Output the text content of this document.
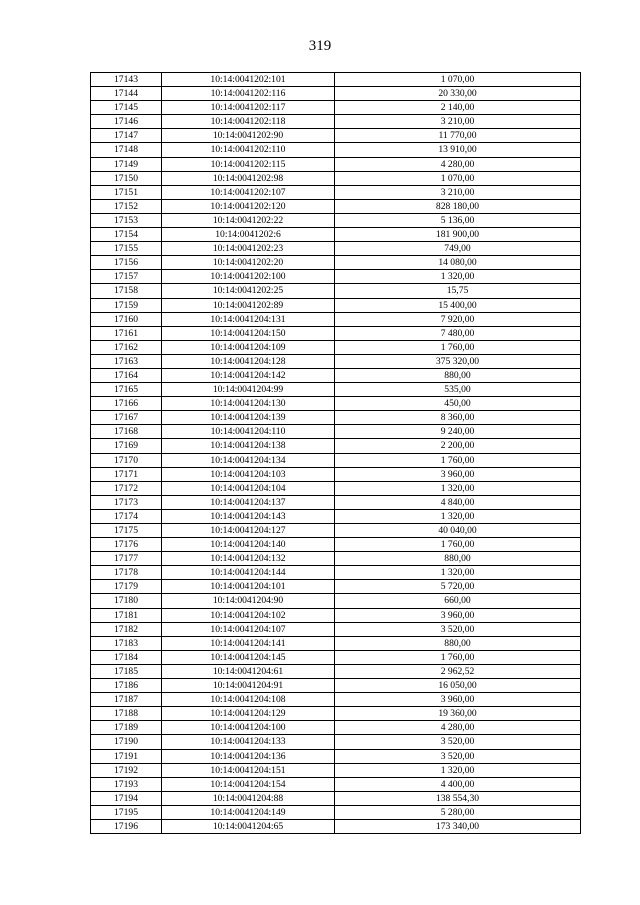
319
17143	10:14:0041202:101	1 070,00
17144	10:14:0041202:116	20 330,00
17145	10:14:0041202:117	2 140,00
17146	10:14:0041202:118	3 210,00
17147	10:14:0041202:90	11 770,00
17148	10:14:0041202:110	13 910,00
17149	10:14:0041202:115	4 280,00
17150	10:14:0041202:98	1 070,00
17151	10:14:0041202:107	3 210,00
17152	10:14:0041202:120	828 180,00
17153	10:14:0041202:22	5 136,00
17154	10:14:0041202:6	181 900,00
17155	10:14:0041202:23	749,00
17156	10:14:0041202:20	14 080,00
17157	10:14:0041202:100	1 320,00
17158	10:14:0041202:25	15,75
17159	10:14:0041202:89	15 400,00
17160	10:14:0041204:131	7 920,00
17161	10:14:0041204:150	7 480,00
17162	10:14:0041204:109	1 760,00
17163	10:14:0041204:128	375 320,00
17164	10:14:0041204:142	880,00
17165	10:14:0041204:99	535,00
17166	10:14:0041204:130	450,00
17167	10:14:0041204:139	8 360,00
17168	10:14:0041204:110	9 240,00
17169	10:14:0041204:138	2 200,00
17170	10:14:0041204:134	1 760,00
17171	10:14:0041204:103	3 960,00
17172	10:14:0041204:104	1 320,00
17173	10:14:0041204:137	4 840,00
17174	10:14:0041204:143	1 320,00
17175	10:14:0041204:127	40 040,00
17176	10:14:0041204:140	1 760,00
17177	10:14:0041204:132	880,00
17178	10:14:0041204:144	1 320,00
17179	10:14:0041204:101	5 720,00
17180	10:14:0041204:90	660,00
17181	10:14:0041204:102	3 960,00
17182	10:14:0041204:107	3 520,00
17183	10:14:0041204:141	880,00
17184	10:14:0041204:145	1 760,00
17185	10:14:0041204:61	2 962,52
17186	10:14:0041204:91	16 050,00
17187	10:14:0041204:108	3 960,00
17188	10:14:0041204:129	19 360,00
17189	10:14:0041204:100	4 280,00
17190	10:14:0041204:133	3 520,00
17191	10:14:0041204:136	3 520,00
17192	10:14:0041204:151	1 320,00
17193	10:14:0041204:154	4 400,00
17194	10:14:0041204:88	138 554,30
17195	10:14:0041204:149	5 280,00
17196	10:14:0041204:65	173 340,00
